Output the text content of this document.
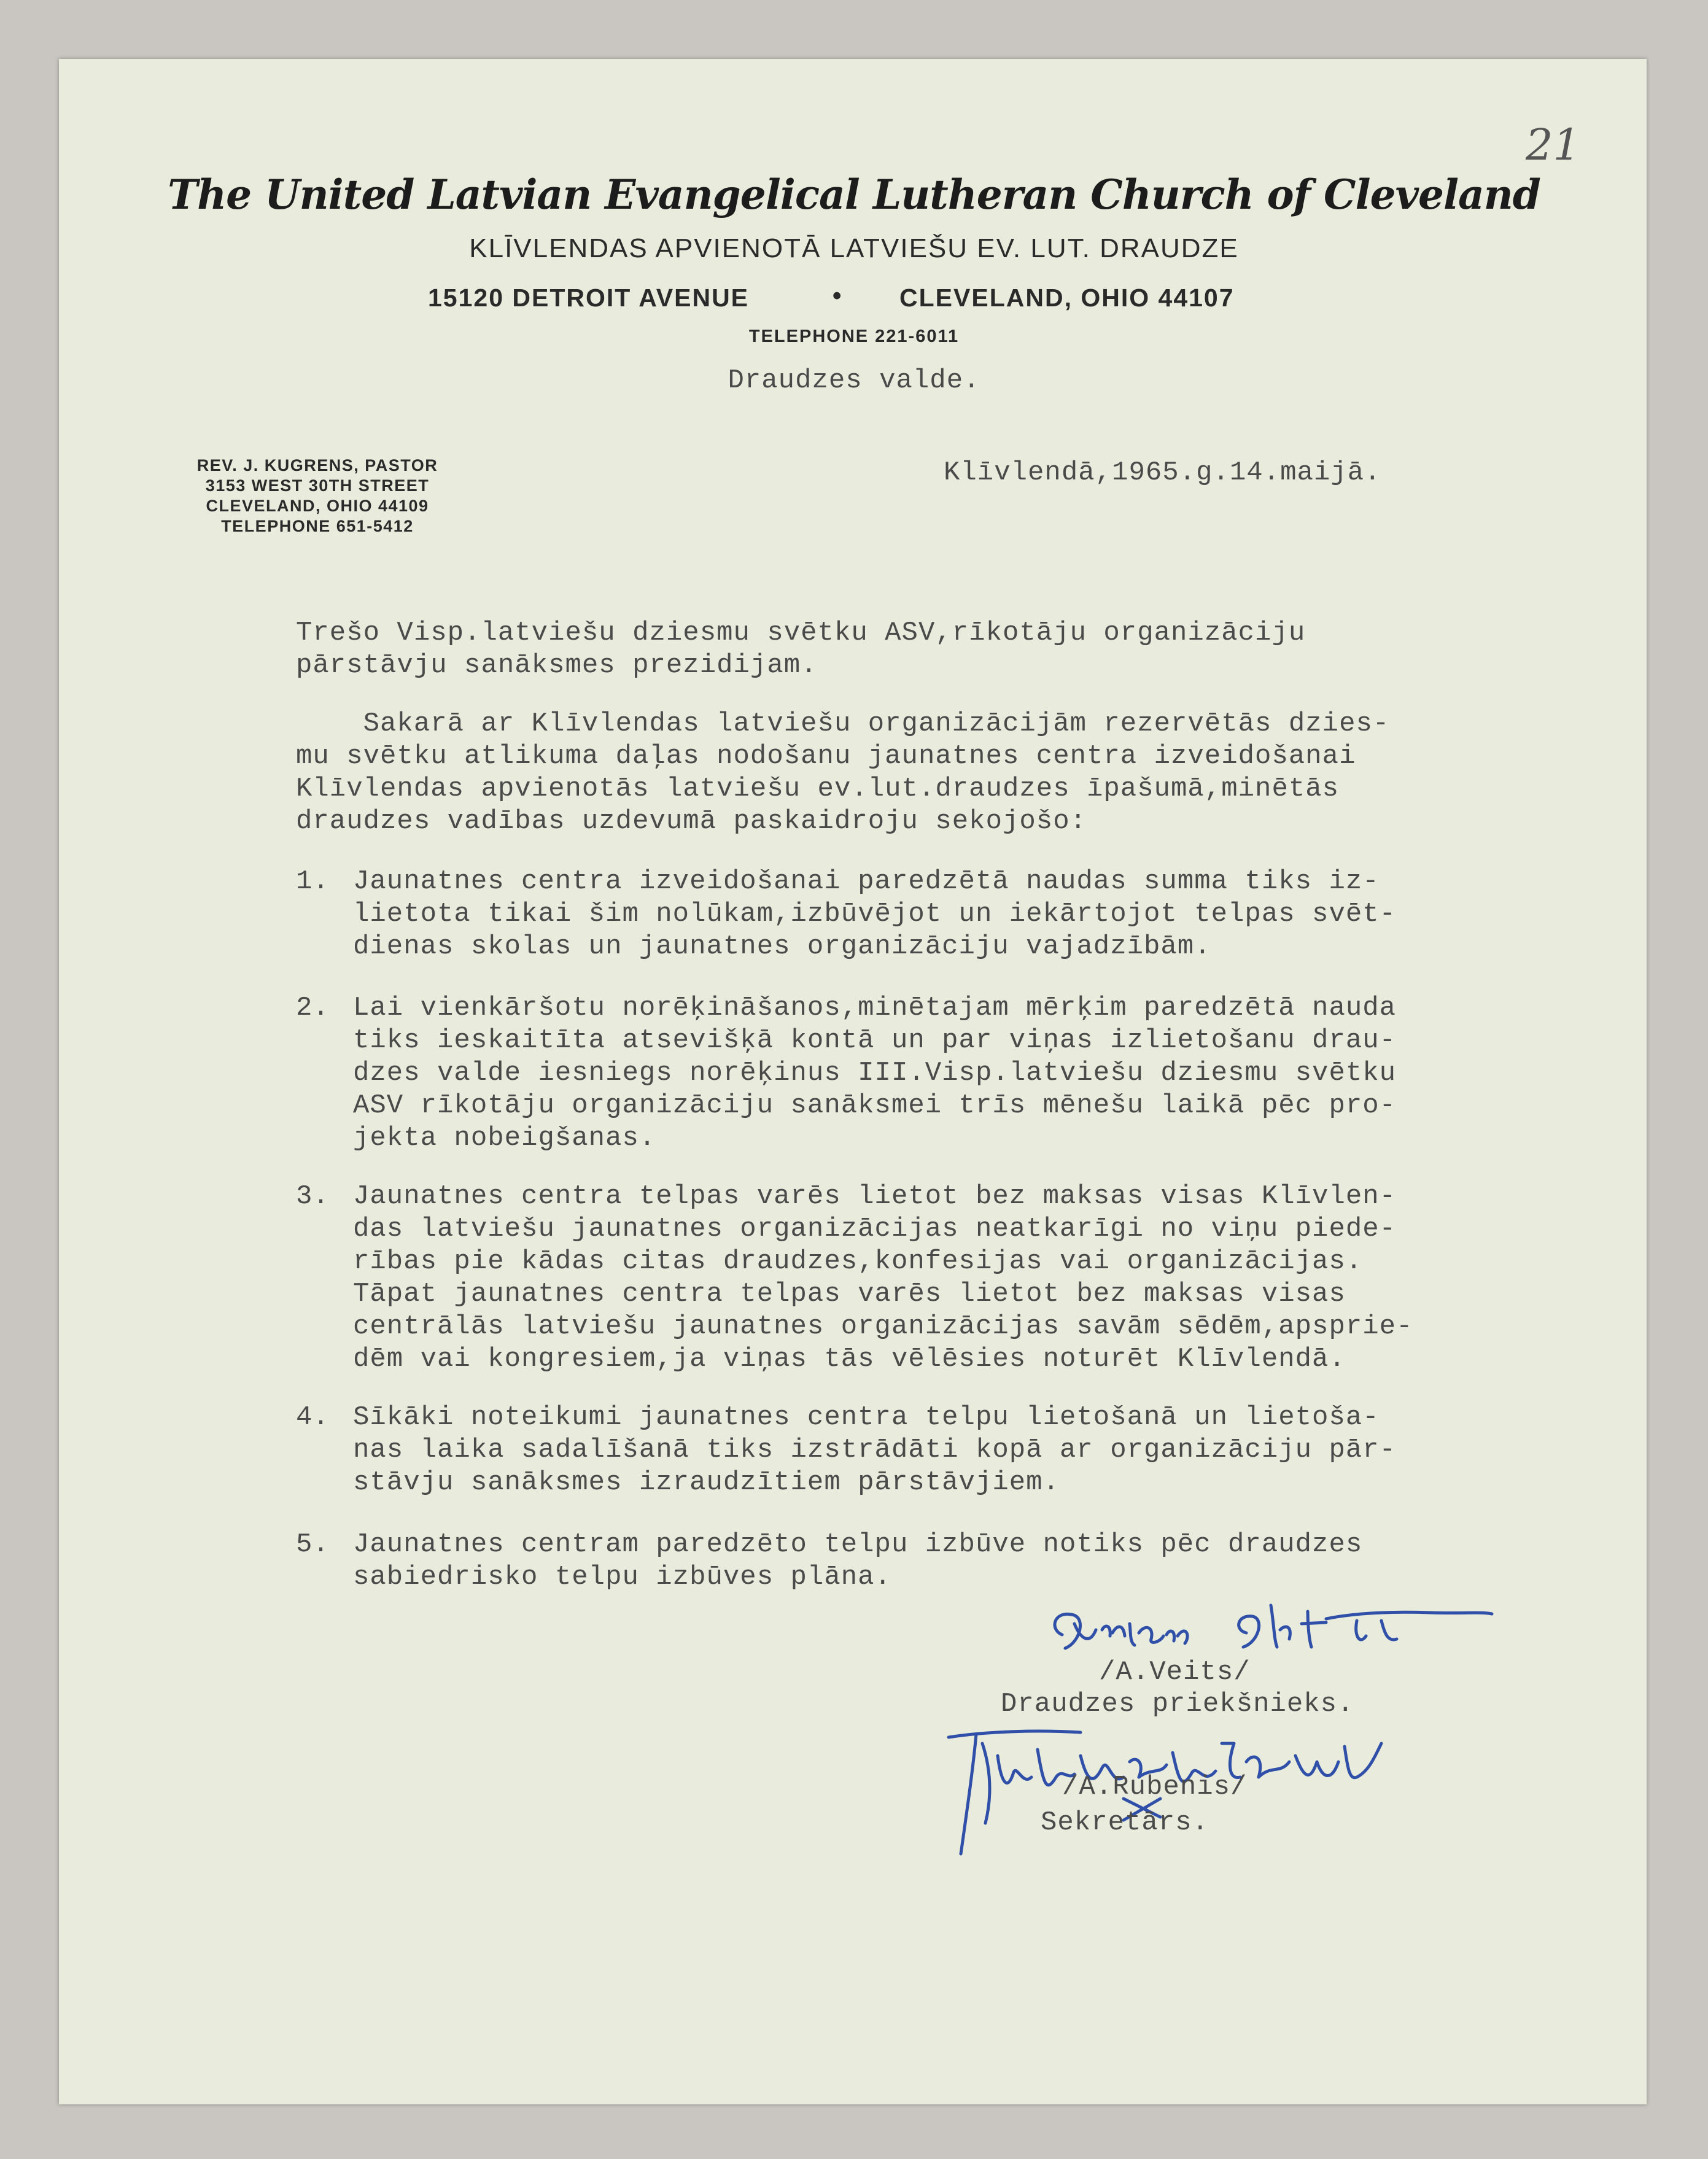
21
The United Latvian Evangelical Lutheran Church of Cleveland
KLĪVLENDAS APVIENOTĀ LATVIEŠU EV. LUT. DRAUDZE
15120 DETROIT AVENUE	• CLEVELAND, OHIO 44107
TELEPHONE 221-6011
Draudzes valde.
REV. J. KUGRENS, PASTOR
3153 WEST 30TH STREET
CLEVELAND, OHIO 44109
TELEPHONE 651-5412
Klīvlendā,1965.g.14.maijā.
Trešo Visp.latviešu dziesmu svētku ASV,rīkotāju organizāciju
pārstāvju sanāksmes prezidijam.
Sakarā ar Klīvlendas latviešu organizācijām rezervētās dzies-
mu svētku atlikuma daļas nodošanu jaunatnes centra izveidošanai
Klīvlendas apvienotās latviešu ev.lut.draudzes īpašumā,minētās
draudzes vadības uzdevumā paskaidroju sekojošo:
1. Jaunatnes centra izveidošanai paredzētā naudas summa tiks iz-
lietota tikai šim nolūkam,izbūvējot un iekārtojot telpas svēt-
dienas skolas un jaunatnes organizāciju vajadzībām.
2. Lai vienkāršotu norēķināšanos,minētajam mērķim paredzētā nauda
tiks ieskaitīta atsevišķā kontā un par viņas izlietošanu drau-
dzes valde iesniegs norēķinus III.Visp.latviešu dziesmu svētku
ASV rīkotāju organizāciju sanāksmei trīs mēnešu laikā pēc pro-
jekta nobeigšanas.
3. Jaunatnes centra telpas varēs lietot bez maksas visas Klīvlen-
das latviešu jaunatnes organizācijas neatkarīgi no viņu piede-
rības pie kādas citas draudzes,konfesijas vai organizācijas.
Tāpat jaunatnes centra telpas varēs lietot bez maksas visas
centrālās latviešu jaunatnes organizācijas savām sēdēm,apsprie-
dēm vai kongresiem,ja viņas tās vēlēsies noturēt Klīvlendā.
4. Sīkāki noteikumi jaunatnes centra telpu lietošanā un lietoša-
nas laika sadalīšanā tiks izstrādāti kopā ar organizāciju pār-
stāvju sanāksmes izraudzītiem pārstāvjiem.
5. Jaunatnes centram paredzēto telpu izbūve notiks pēc draudzes
sabiedrisko telpu izbūves plāna.
/A.Veits/
Draudzes priekšnieks.
/A.Rubenis/
Sekretārs.
